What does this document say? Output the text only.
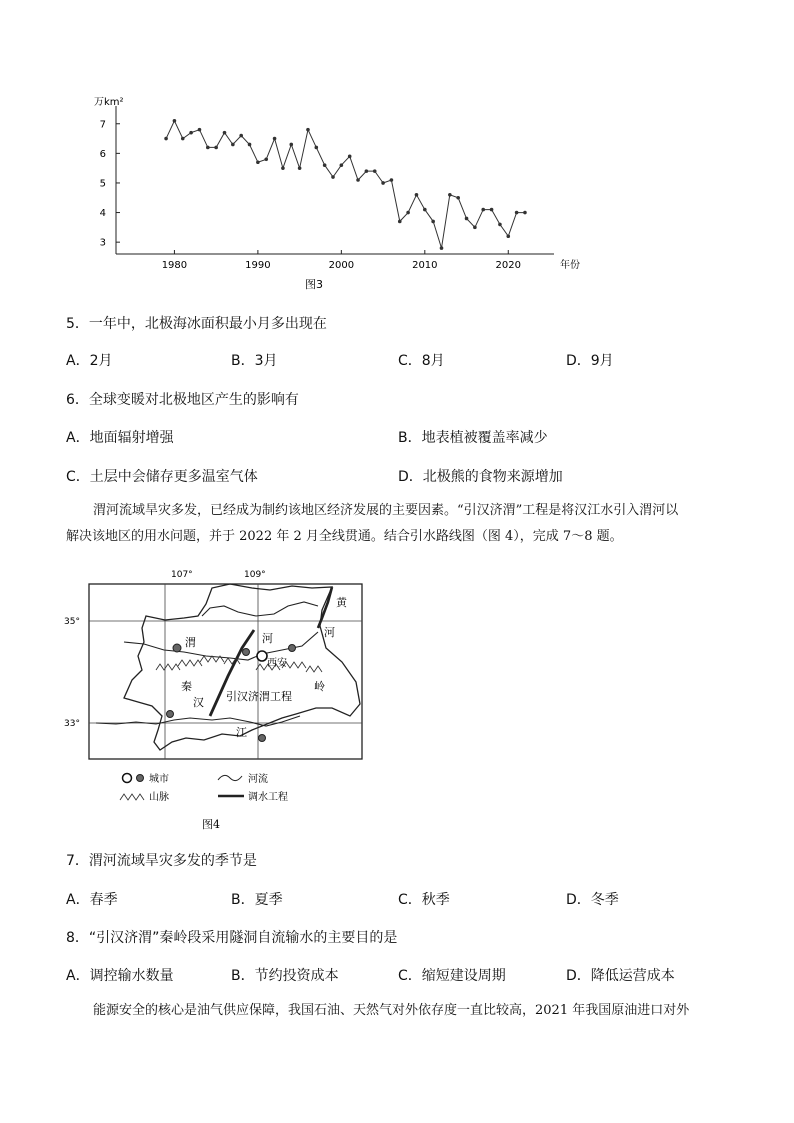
3
4
5
6
7
1980	1990	2000	2010	2020
万km²
年份
图3
5．一年中，北极海冰面积最小月多出现在
A．2月	B．3月	C．8月	D．9月
6．全球变暖对北极地区产生的影响有
A．地面辐射增强	B．地表植被覆盖率减少
C．土层中会储存更多温室气体	D．北极熊的食物来源增加
渭河流域旱灾多发，已经成为制约该地区经济发展的主要因素。“引汉济渭”工程是将汉江水引入渭河以
解决该地区的用水问题，并于 2022 年 2 月全线贯通。结合引水路线图（图 4），完成 7～8 题。
107°	109°
35°
33°
黄
河
渭	河
西安
秦	岭
汉 引汉济渭工程
江
城市	河流
山脉	调水工程
图4
7．渭河流域旱灾多发的季节是
A．春季	B．夏季	C．秋季	D．冬季
8．“引汉济渭”秦岭段采用隧洞自流输水的主要目的是
A．调控输水数量	B．节约投资成本	C．缩短建设周期	D．降低运营成本
能源安全的核心是油气供应保障，我国石油、天然气对外依存度一直比较高，2021 年我国原油进口对外
